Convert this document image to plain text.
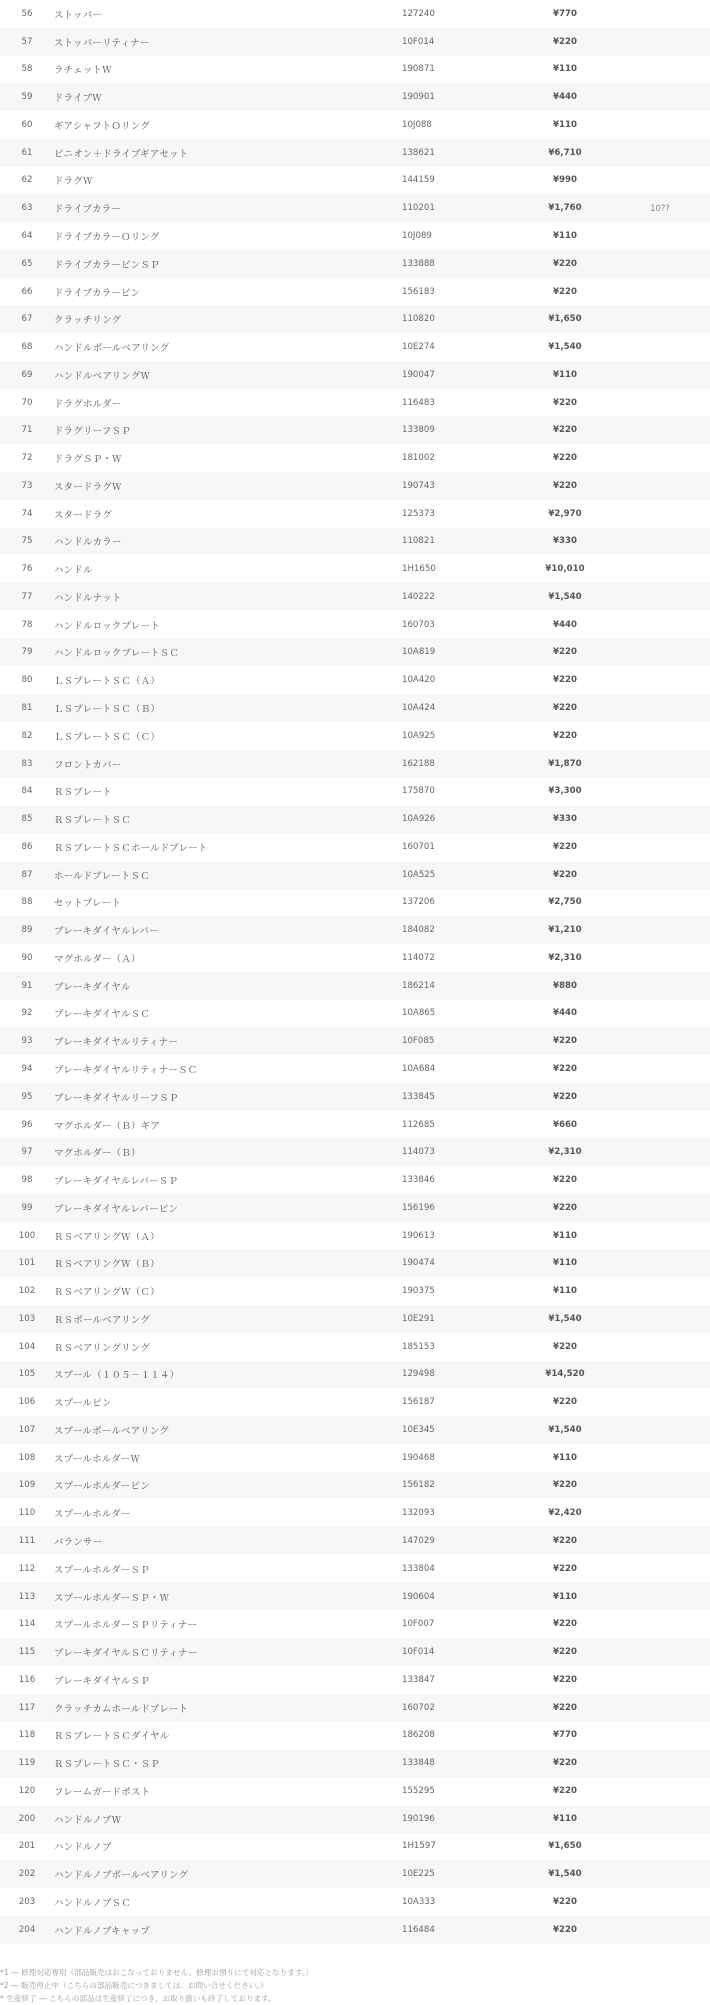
56	ストッパー	127240	¥770
57	ストッパーリティナー	10F014	¥220
58	ラチェットＷ	190871	¥110
59	ドライブＷ	190901	¥440
60	ギアシャフトＯリング	10J088	¥110
61	ピニオン＋ドライブギアセット	138621	¥6,710
62	ドラグＷ	144159	¥990
63	ドライブカラー	110201	¥1,760	10??
64	ドライブカラーＯリング	10J089	¥110
65	ドライブカラーピンＳＰ	133888	¥220
66	ドライブカラーピン	156183	¥220
67	クラッチリング	110820	¥1,650
68	ハンドルボールベアリング	10E274	¥1,540
69	ハンドルベアリングＷ	190047	¥110
70	ドラグホルダー	116483	¥220
71	ドラグリーフＳＰ	133809	¥220
72	ドラグＳＰ・Ｗ	181002	¥220
73	スタードラグＷ	190743	¥220
74	スタードラグ	125373	¥2,970
75	ハンドルカラー	110821	¥330
76	ハンドル	1H1650	¥10,010
77	ハンドルナット	140222	¥1,540
78	ハンドルロックプレート	160703	¥440
79	ハンドルロックプレートＳＣ	10A819	¥220
80	ＬＳプレートＳＣ（Ａ）	10A420	¥220
81	ＬＳプレートＳＣ（Ｂ）	10A424	¥220
82	ＬＳプレートＳＣ（Ｃ）	10A925	¥220
83	フロントカバー	162188	¥1,870
84	ＲＳプレート	175870	¥3,300
85	ＲＳプレートＳＣ	10A926	¥330
86	ＲＳプレートＳＣホールドプレート	160701	¥220
87	ホールドプレートＳＣ	10A525	¥220
88	セットプレート	137206	¥2,750
89	ブレーキダイヤルレバー	184082	¥1,210
90	マグホルダー（Ａ）	114072	¥2,310
91	ブレーキダイヤル	186214	¥880
92	ブレーキダイヤルＳＣ	10A865	¥440
93	ブレーキダイヤルリティナー	10F085	¥220
94	ブレーキダイヤルリティナーＳＣ	10A684	¥220
95	ブレーキダイヤルリーフＳＰ	133845	¥220
96	マグホルダー（Ｂ）ギア	112685	¥660
97	マグホルダー（Ｂ）	114073	¥2,310
98	ブレーキダイヤルレバーＳＰ	133846	¥220
99	ブレーキダイヤルレバーピン	156196	¥220
100	ＲＳベアリングＷ（Ａ）	190613	¥110
101	ＲＳベアリングＷ（Ｂ）	190474	¥110
102	ＲＳベアリングＷ（Ｃ）	190375	¥110
103	ＲＳボールベアリング	10E291	¥1,540
104	ＲＳベアリングリング	185153	¥220
105	スプール（１０５－１１４）	129498	¥14,520
106	スプールピン	156187	¥220
107	スプールボールベアリング	10E345	¥1,540
108	スプールホルダーＷ	190468	¥110
109	スプールホルダーピン	156182	¥220
110	スプールホルダー	132093	¥2,420
111	バランサー	147029	¥220
112	スプールホルダーＳＰ	133804	¥220
113	スプールホルダーＳＰ・Ｗ	190604	¥110
114	スプールホルダーＳＰリティナー	10F007	¥220
115	ブレーキダイヤルＳＣリティナー	10F014	¥220
116	ブレーキダイヤルＳＰ	133847	¥220
117	クラッチカムホールドプレート	160702	¥220
118	ＲＳプレートＳＣダイヤル	186208	¥770
119	ＲＳプレートＳＣ・ＳＰ	133848	¥220
120	フレームガードポスト	155295	¥220
200	ハンドルノブＷ	190196	¥110
201	ハンドルノブ	1H1597	¥1,650
202	ハンドルノブボールベアリング	10E225	¥1,540
203	ハンドルノブＳＣ	10A333	¥220
204	ハンドルノブキャップ	116484	¥220
*1 ― 修理対応専用（部品販売はおこなっておりません。修理お預りにて対応となります。）
*2 ― 販売停止中（こちらの部品販売につきましては、お問い合せください。）
* 生産終了 ― こちらの部品は生産終了につき、お取り扱いも終了しております。
